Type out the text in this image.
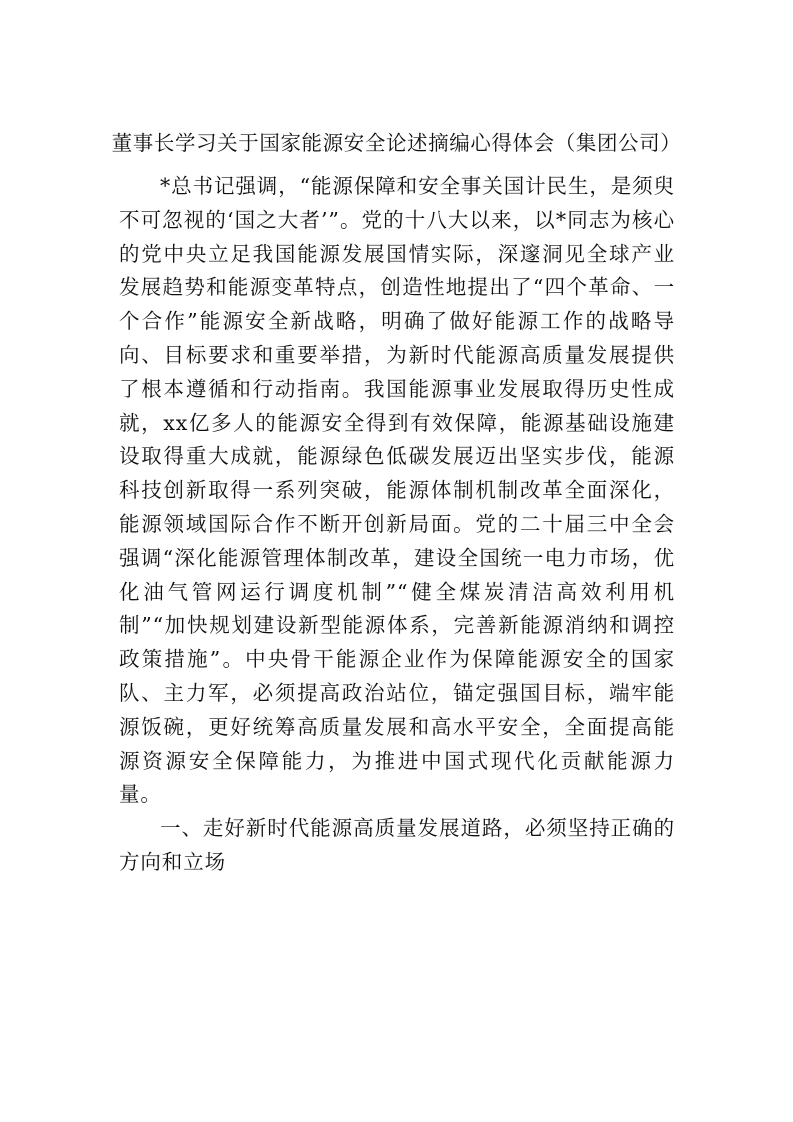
董事长学习关于国家能源安全论述摘编心得体会（集团公司）

*总书记强调，“能源保障和安全事关国计民生，是须臾不可忽视的‘国之大者’”。党的十八大以来，以*同志为核心的党中央立足我国能源发展国情实际，深邃洞见全球产业发展趋势和能源变革特点，创造性地提出了“四个革命、一个合作”能源安全新战略，明确了做好能源工作的战略导向、目标要求和重要举措，为新时代能源高质量发展提供了根本遵循和行动指南。我国能源事业发展取得历史性成就，xx亿多人的能源安全得到有效保障，能源基础设施建设取得重大成就，能源绿色低碳发展迈出坚实步伐，能源科技创新取得一系列突破，能源体制机制改革全面深化，能源领域国际合作不断开创新局面。党的二十届三中全会强调“深化能源管理体制改革，建设全国统一电力市场，优化油气管网运行调度机制”“健全煤炭清洁高效利用机制”“加快规划建设新型能源体系，完善新能源消纳和调控政策措施”。中央骨干能源企业作为保障能源安全的国家队、主力军，必须提高政治站位，锚定强国目标，端牢能源饭碗，更好统筹高质量发展和高水平安全，全面提高能源资源安全保障能力，为推进中国式现代化贡献能源力量。

一、走好新时代能源高质量发展道路，必须坚持正确的方向和立场
